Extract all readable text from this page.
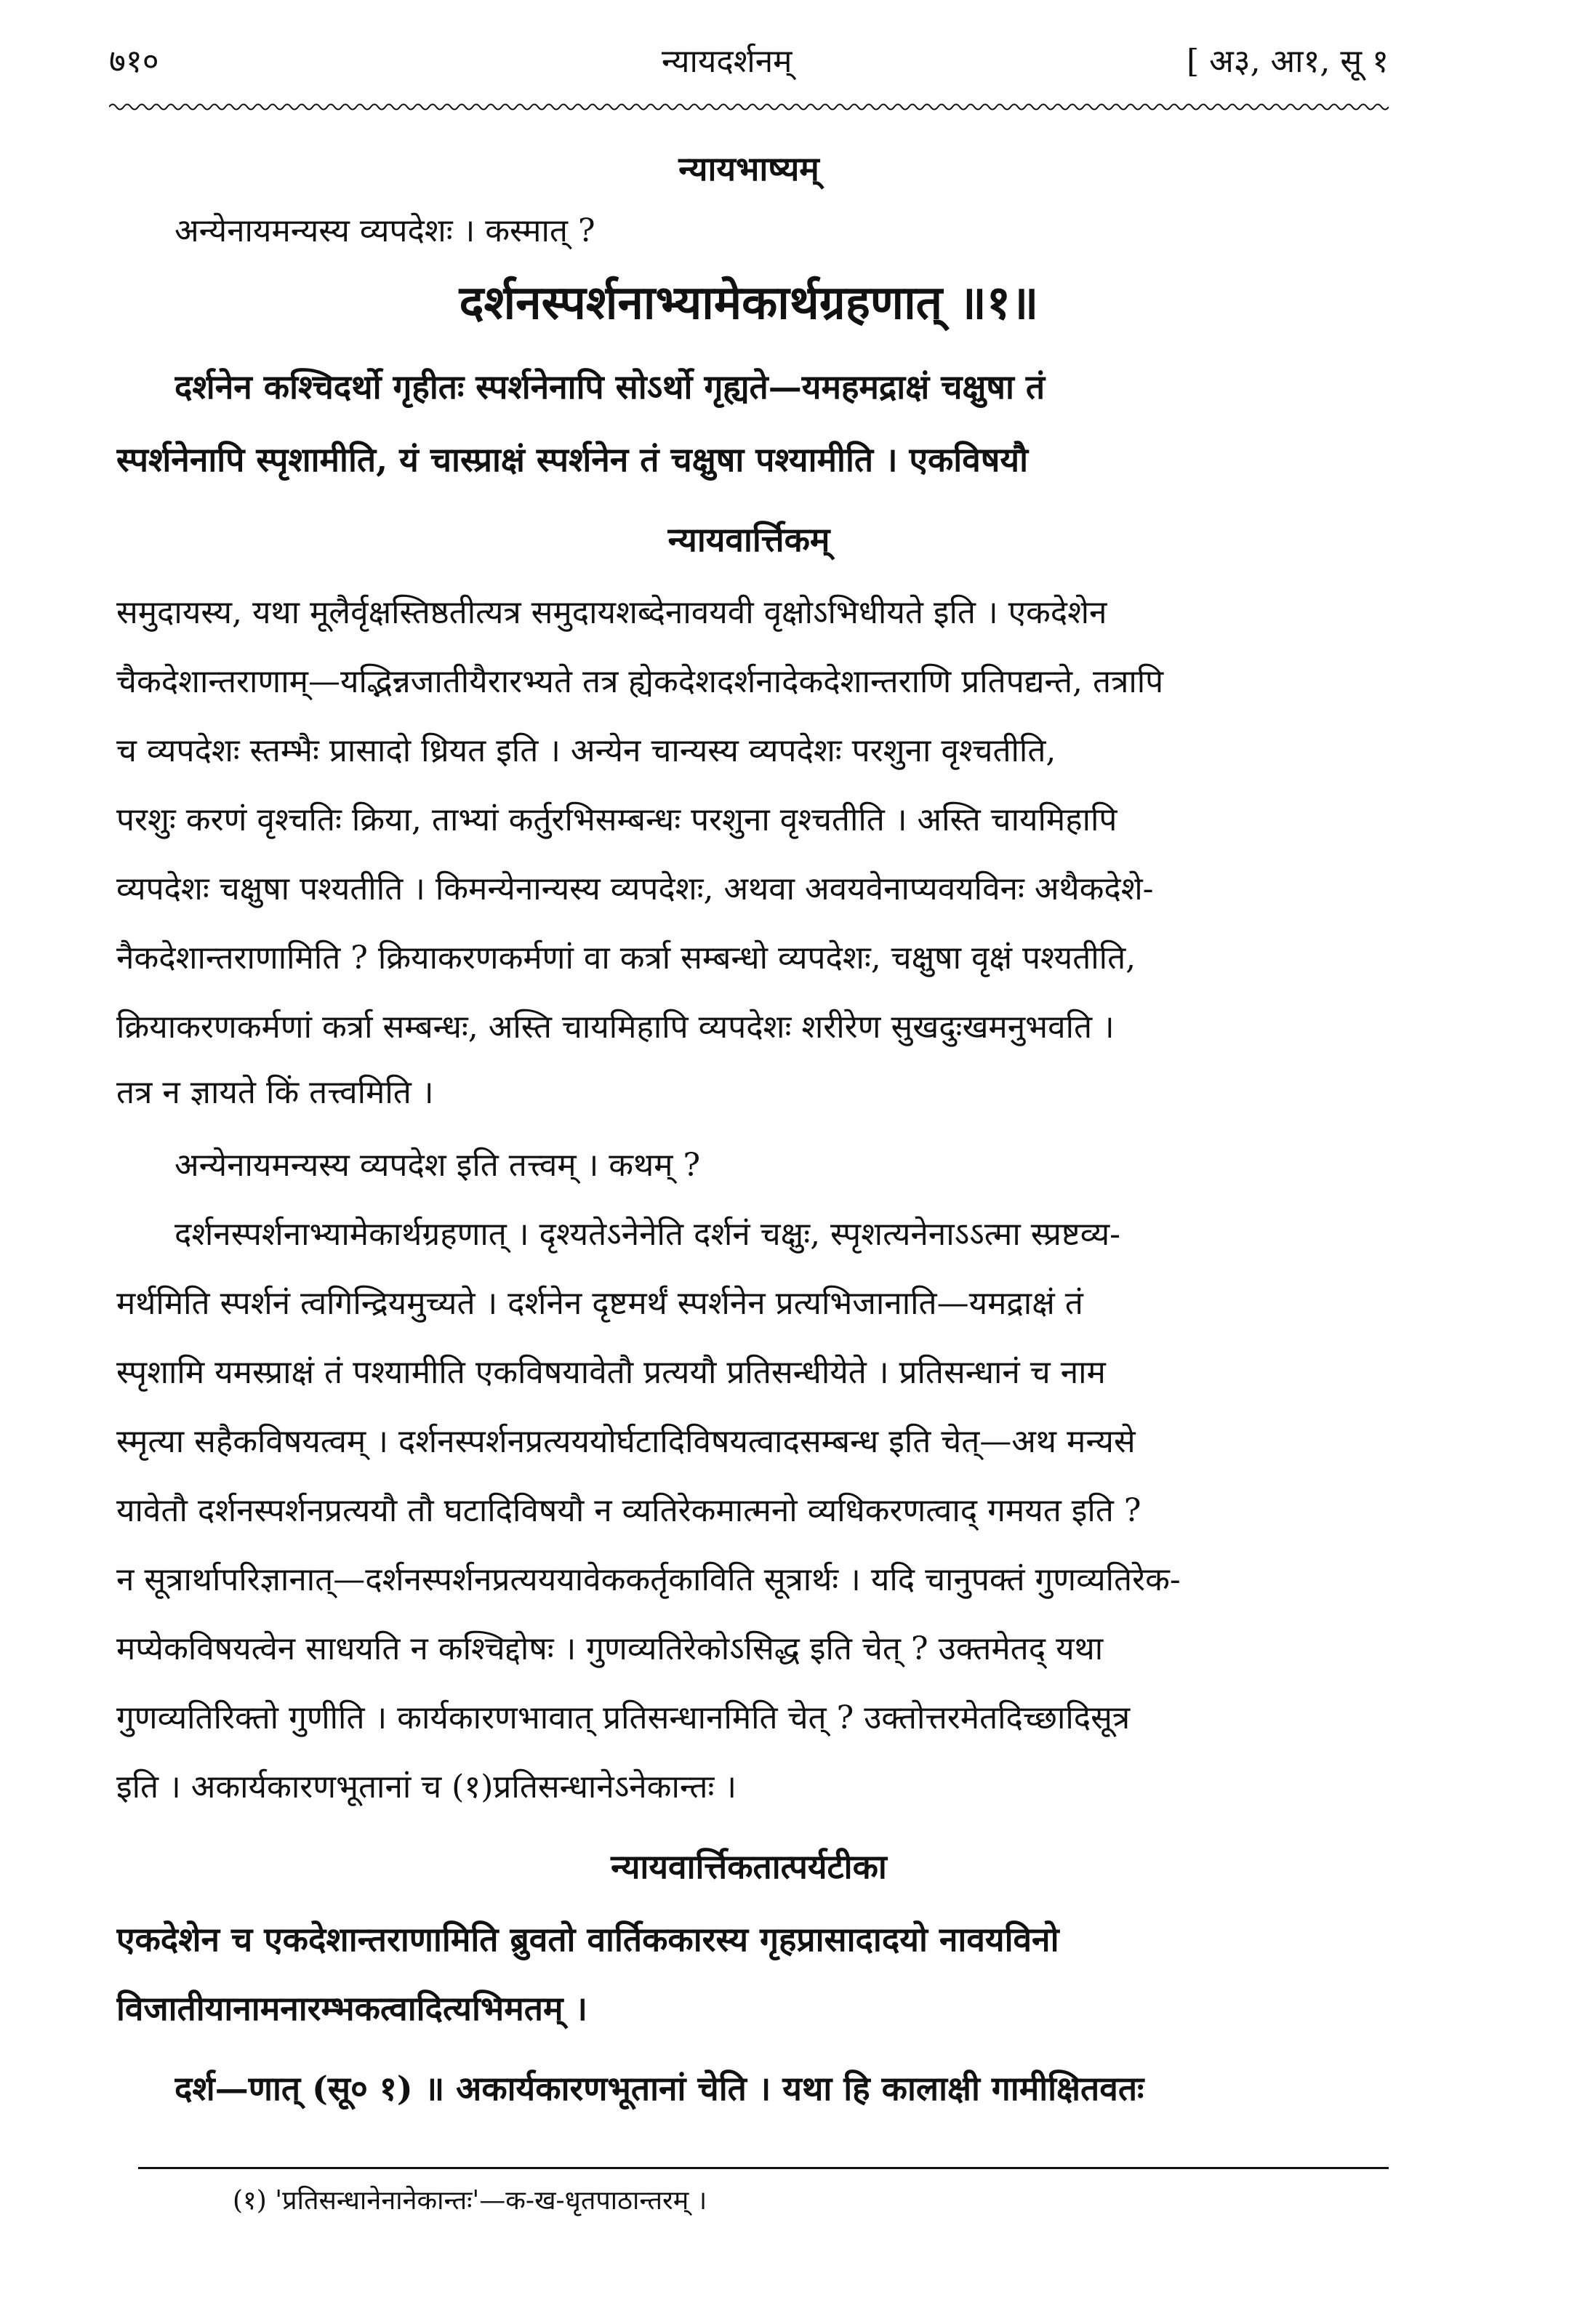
७१०	न्यायदर्शनम्	[ अ३, आ१, सू १
न्यायभाष्यम्
अन्येनायमन्यस्य व्यपदेशः । कस्मात् ?
दर्शनस्पर्शनाभ्यामेकार्थग्रहणात् ॥१॥
दर्शनेन कश्चिदर्थो गृहीतः स्पर्शनेनापि सोऽर्थो गृह्यते—यमहमद्राक्षं चक्षुषा तं
स्पर्शनेनापि स्पृशामीति, यं चास्प्राक्षं स्पर्शनेन तं चक्षुषा पश्यामीति । एकविषयौ
न्यायवार्त्तिकम्
समुदायस्य, यथा मूलैर्वृक्षस्तिष्ठतीत्यत्र समुदायशब्देनावयवी वृक्षोऽभिधीयते इति । एकदेशेन
चैकदेशान्तराणाम्—यद्भिन्नजातीयैरारभ्यते तत्र ह्येकदेशदर्शनादेकदेशान्तराणि प्रतिपद्यन्ते, तत्रापि
च व्यपदेशः स्तम्भैः प्रासादो ध्रियत इति । अन्येन चान्यस्य व्यपदेशः परशुना वृश्चतीति,
परशुः करणं वृश्चतिः क्रिया, ताभ्यां कर्तुरभिसम्बन्धः परशुना वृश्चतीति । अस्ति चायमिहापि
व्यपदेशः चक्षुषा पश्यतीति । किमन्येनान्यस्य व्यपदेशः, अथवा अवयवेनाप्यवयविनः अथैकदेशे-
नैकदेशान्तराणामिति ? क्रियाकरणकर्मणां वा कर्त्रा सम्बन्धो व्यपदेशः, चक्षुषा वृक्षं पश्यतीति,
क्रियाकरणकर्मणां कर्त्रा सम्बन्धः, अस्ति चायमिहापि व्यपदेशः शरीरेण सुखदुःखमनुभवति ।
तत्र न ज्ञायते किं तत्त्वमिति ।
अन्येनायमन्यस्य व्यपदेश इति तत्त्वम् । कथम् ?
दर्शनस्पर्शनाभ्यामेकार्थग्रहणात् । दृश्यतेऽनेनेति दर्शनं चक्षुः, स्पृशत्यनेनाऽऽत्मा स्प्रष्टव्य-
मर्थमिति स्पर्शनं त्वगिन्द्रियमुच्यते । दर्शनेन दृष्टमर्थं स्पर्शनेन प्रत्यभिजानाति—यमद्राक्षं तं
स्पृशामि यमस्प्राक्षं तं पश्यामीति एकविषयावेतौ प्रत्ययौ प्रतिसन्धीयेते । प्रतिसन्धानं च नाम
स्मृत्या सहैकविषयत्वम् । दर्शनस्पर्शनप्रत्यययोर्घटादिविषयत्वादसम्बन्ध इति चेत्—अथ मन्यसे
यावेतौ दर्शनस्पर्शनप्रत्ययौ तौ घटादिविषयौ न व्यतिरेकमात्मनो व्यधिकरणत्वाद् गमयत इति ?
न सूत्रार्थापरिज्ञानात्—दर्शनस्पर्शनप्रत्यययावेककर्तृकाविति सूत्रार्थः । यदि चानुपक्तं गुणव्यतिरेक-
मप्येकविषयत्वेन साधयति न कश्चिद्दोषः । गुणव्यतिरेकोऽसिद्ध इति चेत् ? उक्तमेतद् यथा
गुणव्यतिरिक्तो गुणीति । कार्यकारणभावात् प्रतिसन्धानमिति चेत् ? उक्तोत्तरमेतदिच्छादिसूत्र
इति । अकार्यकारणभूतानां च (१)प्रतिसन्धानेऽनेकान्तः ।
न्यायवार्त्तिकतात्पर्यटीका
एकदेशेन च एकदेशान्तराणामिति ब्रुवतो वार्तिककारस्य गृहप्रासादादयो नावयविनो
विजातीयानामनारम्भकत्वादित्यभिमतम् ।
दर्श—णात् (सू० १) ॥ अकार्यकारणभूतानां चेति । यथा हि कालाक्षी गामीक्षितवतः
(१) 'प्रतिसन्धानेनानेकान्तः'—क-ख-धृतपाठान्तरम् ।
